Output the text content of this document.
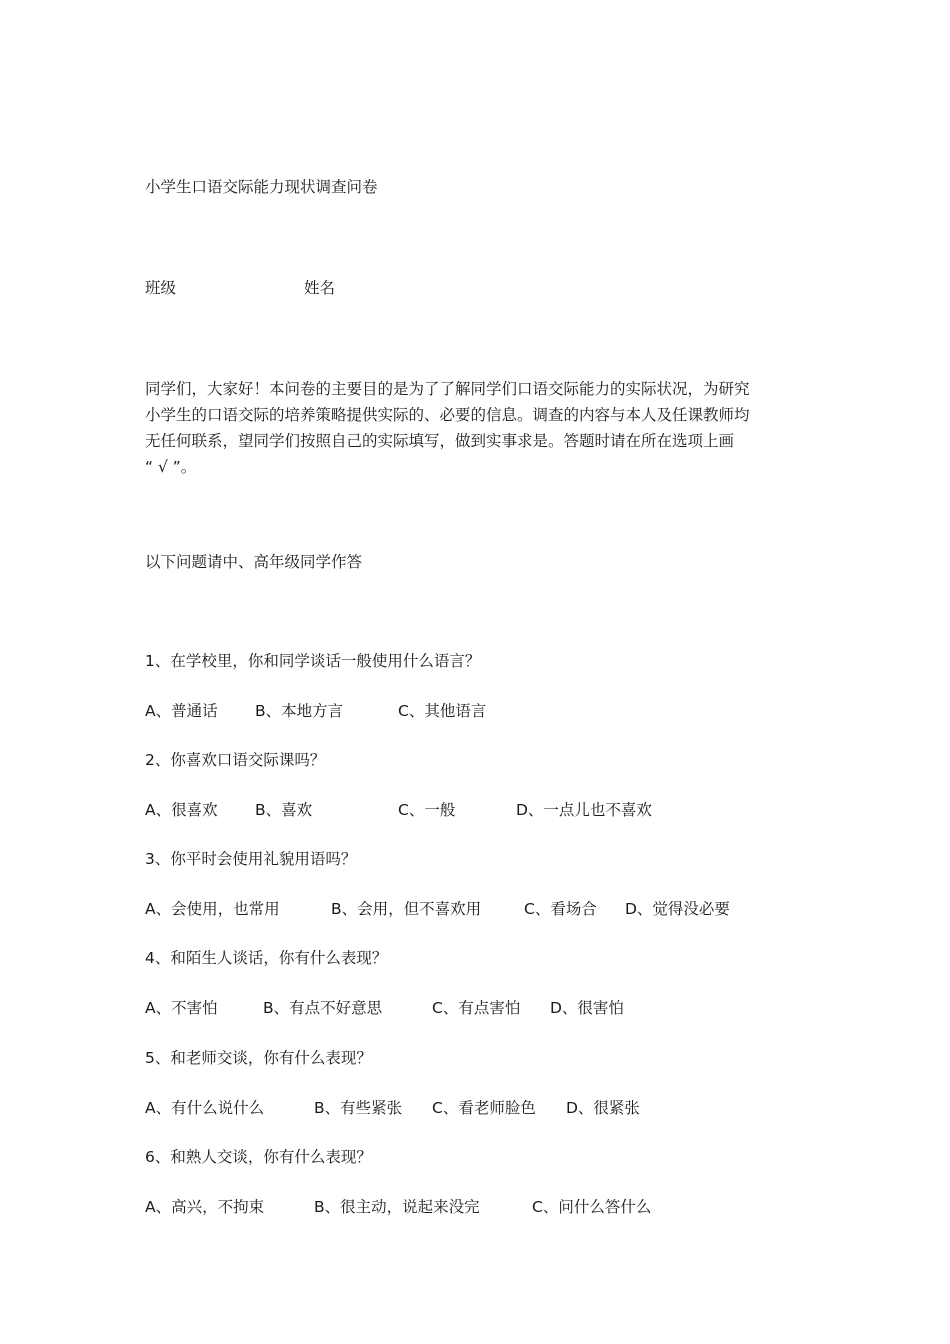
小学生口语交际能力现状调查问卷
班级	姓名

同学们，大家好！本问卷的主要目的是为了了解同学们口语交际能力的实际状况，为研究

小学生的口语交际的培养策略提供实际的、必要的信息。调查的内容与本人及任课教师均

无任何联系，望同学们按照自己的实际填写，做到实事求是。答题时请在所在选项上画

“ √ ”。

以下问题请中、高年级同学作答
1、在学校里，你和同学谈话一般使用什么语言？
A、普通话 B、本地方言	C、其他语言
2、你喜欢口语交际课吗？
A、很喜欢 B、喜欢	C、一般	D、一点儿也不喜欢
3、你平时会使用礼貌用语吗？
A、会使用，也常用	B、会用，但不喜欢用	C、看场合 D、觉得没必要
4、和陌生人谈话，你有什么表现？
A、不害怕	B、有点不好意思	C、有点害怕 D、很害怕
5、和老师交谈，你有什么表现？
A、有什么说什么	B、有些紧张 C、看老师脸色 D、很紧张
6、和熟人交谈，你有什么表现？
A、高兴，不拘束	B、很主动，说起来没完	C、问什么答什么
